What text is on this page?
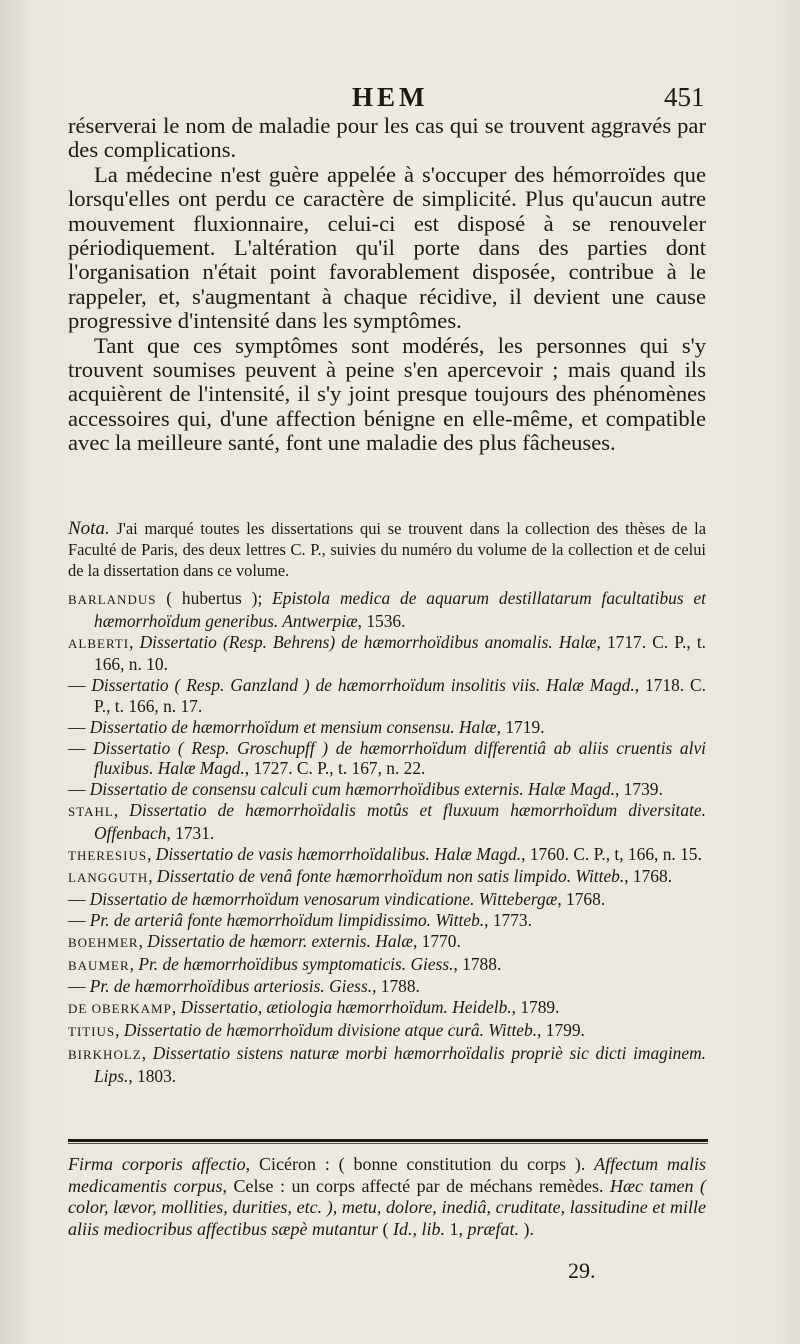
HEM	451

réserverai le nom de maladie pour les cas qui se trouvent aggravés par des complications.

La médecine n'est guère appelée à s'occuper des hémorroïdes que lorsqu'elles ont perdu ce caractère de simplicité. Plus qu'aucun autre mouvement fluxionnaire, celui-ci est disposé à se renouveler périodiquement. L'altération qu'il porte dans des parties dont l'organisation n'était point favorablement disposée, contribue à le rappeler, et, s'augmentant à chaque récidive, il devient une cause progressive d'intensité dans les symptômes.

Tant que ces symptômes sont modérés, les personnes qui s'y trouvent soumises peuvent à peine s'en apercevoir ; mais quand ils acquièrent de l'intensité, il s'y joint presque toujours des phénomènes accessoires qui, d'une affection bénigne en elle-même, et compatible avec la meilleure santé, font une maladie des plus fâcheuses.

Nota. J'ai marqué toutes les dissertations qui se trouvent dans la collection des thèses de la Faculté de Paris, des deux lettres C. P., suivies du numéro du volume de la collection et de celui de la dissertation dans ce volume.

BARLANDUS ( hubertus ); Epistola medica de aquarum destillatarum facultatibus et hæmorrhoïdum generibus. Antwerpiæ, 1536.

ALBERTI, Dissertatio (Resp. Behrens) de hæmorrhoïdibus anomalis. Halæ, 1717. C. P., t. 166, n. 10.

— Dissertatio ( Resp. Ganzland ) de hæmorrhoïdum insolitis viis. Halæ Magd., 1718. C. P., t. 166, n. 17.

— Dissertatio de hæmorrhoïdum et mensium consensu. Halæ, 1719.

— Dissertatio ( Resp. Groschupff ) de hæmorrhoïdum differentiâ ab aliis cruentis alvi fluxibus. Halæ Magd., 1727. C. P., t. 167, n. 22.

— Dissertatio de consensu calculi cum hæmorrhoïdibus externis. Halæ Magd., 1739.

STAHL, Dissertatio de hæmorrhoïdalis motûs et fluxuum hæmorrhoïdum diversitate. Offenbach, 1731.

THERESIUS, Dissertatio de vasis hæmorrhoïdalibus. Halæ Magd., 1760. C. P., t, 166, n. 15.

LANGGUTH, Dissertatio de venâ fonte hæmorrhoïdum non satis limpido. Witteb., 1768.

— Dissertatio de hæmorrhoïdum venosarum vindicatione. Wittebergæ, 1768.

— Pr. de arteriâ fonte hæmorrhoïdum limpidissimo. Witteb., 1773.

BOEHMER, Dissertatio de hæmorr. externis. Halæ, 1770.

BAUMER, Pr. de hæmorrhoïdibus symptomaticis. Giess., 1788.

— Pr. de hæmorrhoïdibus arteriosis. Giess., 1788.

DE OBERKAMP, Dissertatio, ætiologia hæmorrhoïdum. Heidelb., 1789.

TITIUS, Dissertatio de hæmorrhoïdum divisione atque curâ. Witteb., 1799.

BIRKHOLZ, Dissertatio sistens naturæ morbi hæmorrhoïdalis propriè sic dicti imaginem. Lips., 1803.

Firma corporis affectio, Cicéron : ( bonne constitution du corps ). Affectum malis medicamentis corpus, Celse : un corps affecté par de méchans remèdes. Hæc tamen ( color, lævor, mollities, durities, etc. ), metu, dolore, inediâ, cruditate, lassitudine et mille aliis mediocribus affectibus sæpè mutantur ( Id., lib. 1, præfat. ).
29.
